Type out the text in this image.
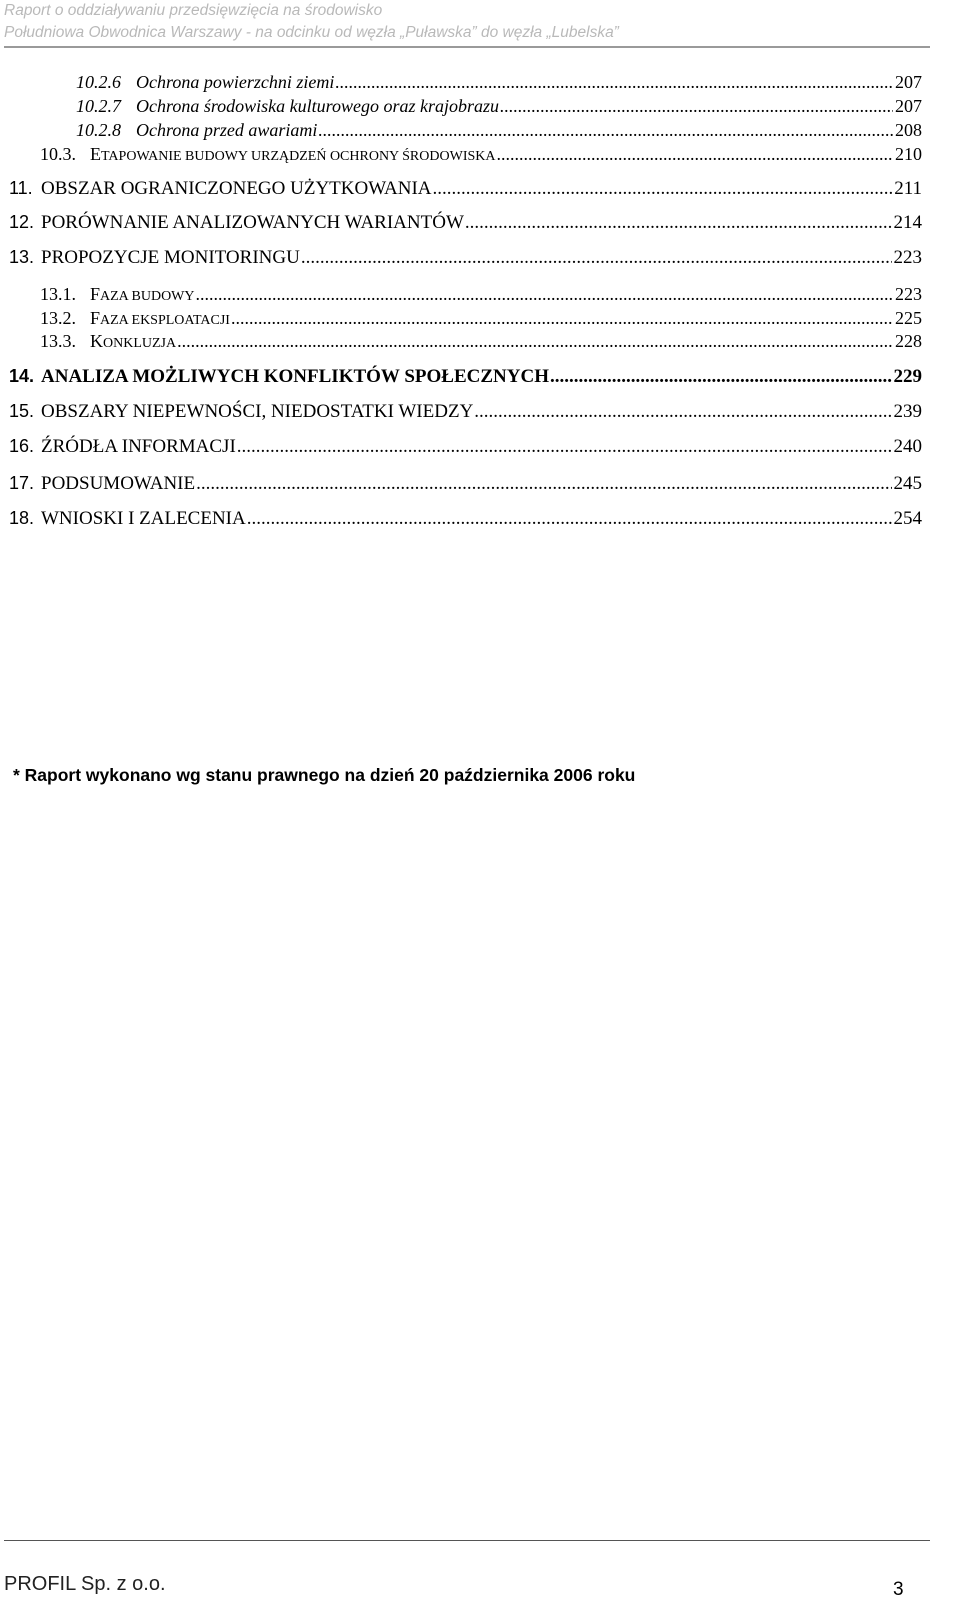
Raport o oddziaływaniu przedsięwzięcia na środowisko
Południowa Obwodnica Warszawy - na odcinku od węzła „Puławska” do węzła „Lubelska”
10.2.6 Ochrona powierzchni ziemi .....	207
10.2.7 Ochrona środowiska kulturowego oraz krajobrazu .....	207
10.2.8 Ochrona przed awariami .....	208
10.3. ETAPOWANIE BUDOWY URZĄDZEŃ OCHRONY ŚRODOWISKA .....	210
11. OBSZAR OGRANICZONEGO UŻYTKOWANIA .....	211
12. PORÓWNANIE ANALIZOWANYCH WARIANTÓW .....	214
13. PROPOZYCJE MONITORINGU .....	223
13.1. FAZA BUDOWY .....	223
13.2. FAZA EKSPLOATACJI .....	225
13.3. KONKLUZJA .....	228
14. ANALIZA MOŻLIWYCH KONFLIKTÓW SPOŁECZNYCH .....	229
15. OBSZARY NIEPEWNOŚCI, NIEDOSTATKI WIEDZY .....	239
16. ŹRÓDŁA INFORMACJI .....	240
17. PODSUMOWANIE .....	245
18. WNIOSKI I ZALECENIA .....	254
* Raport wykonano wg stanu prawnego na dzień 20 października 2006 roku
PROFIL Sp. z o.o.	3
